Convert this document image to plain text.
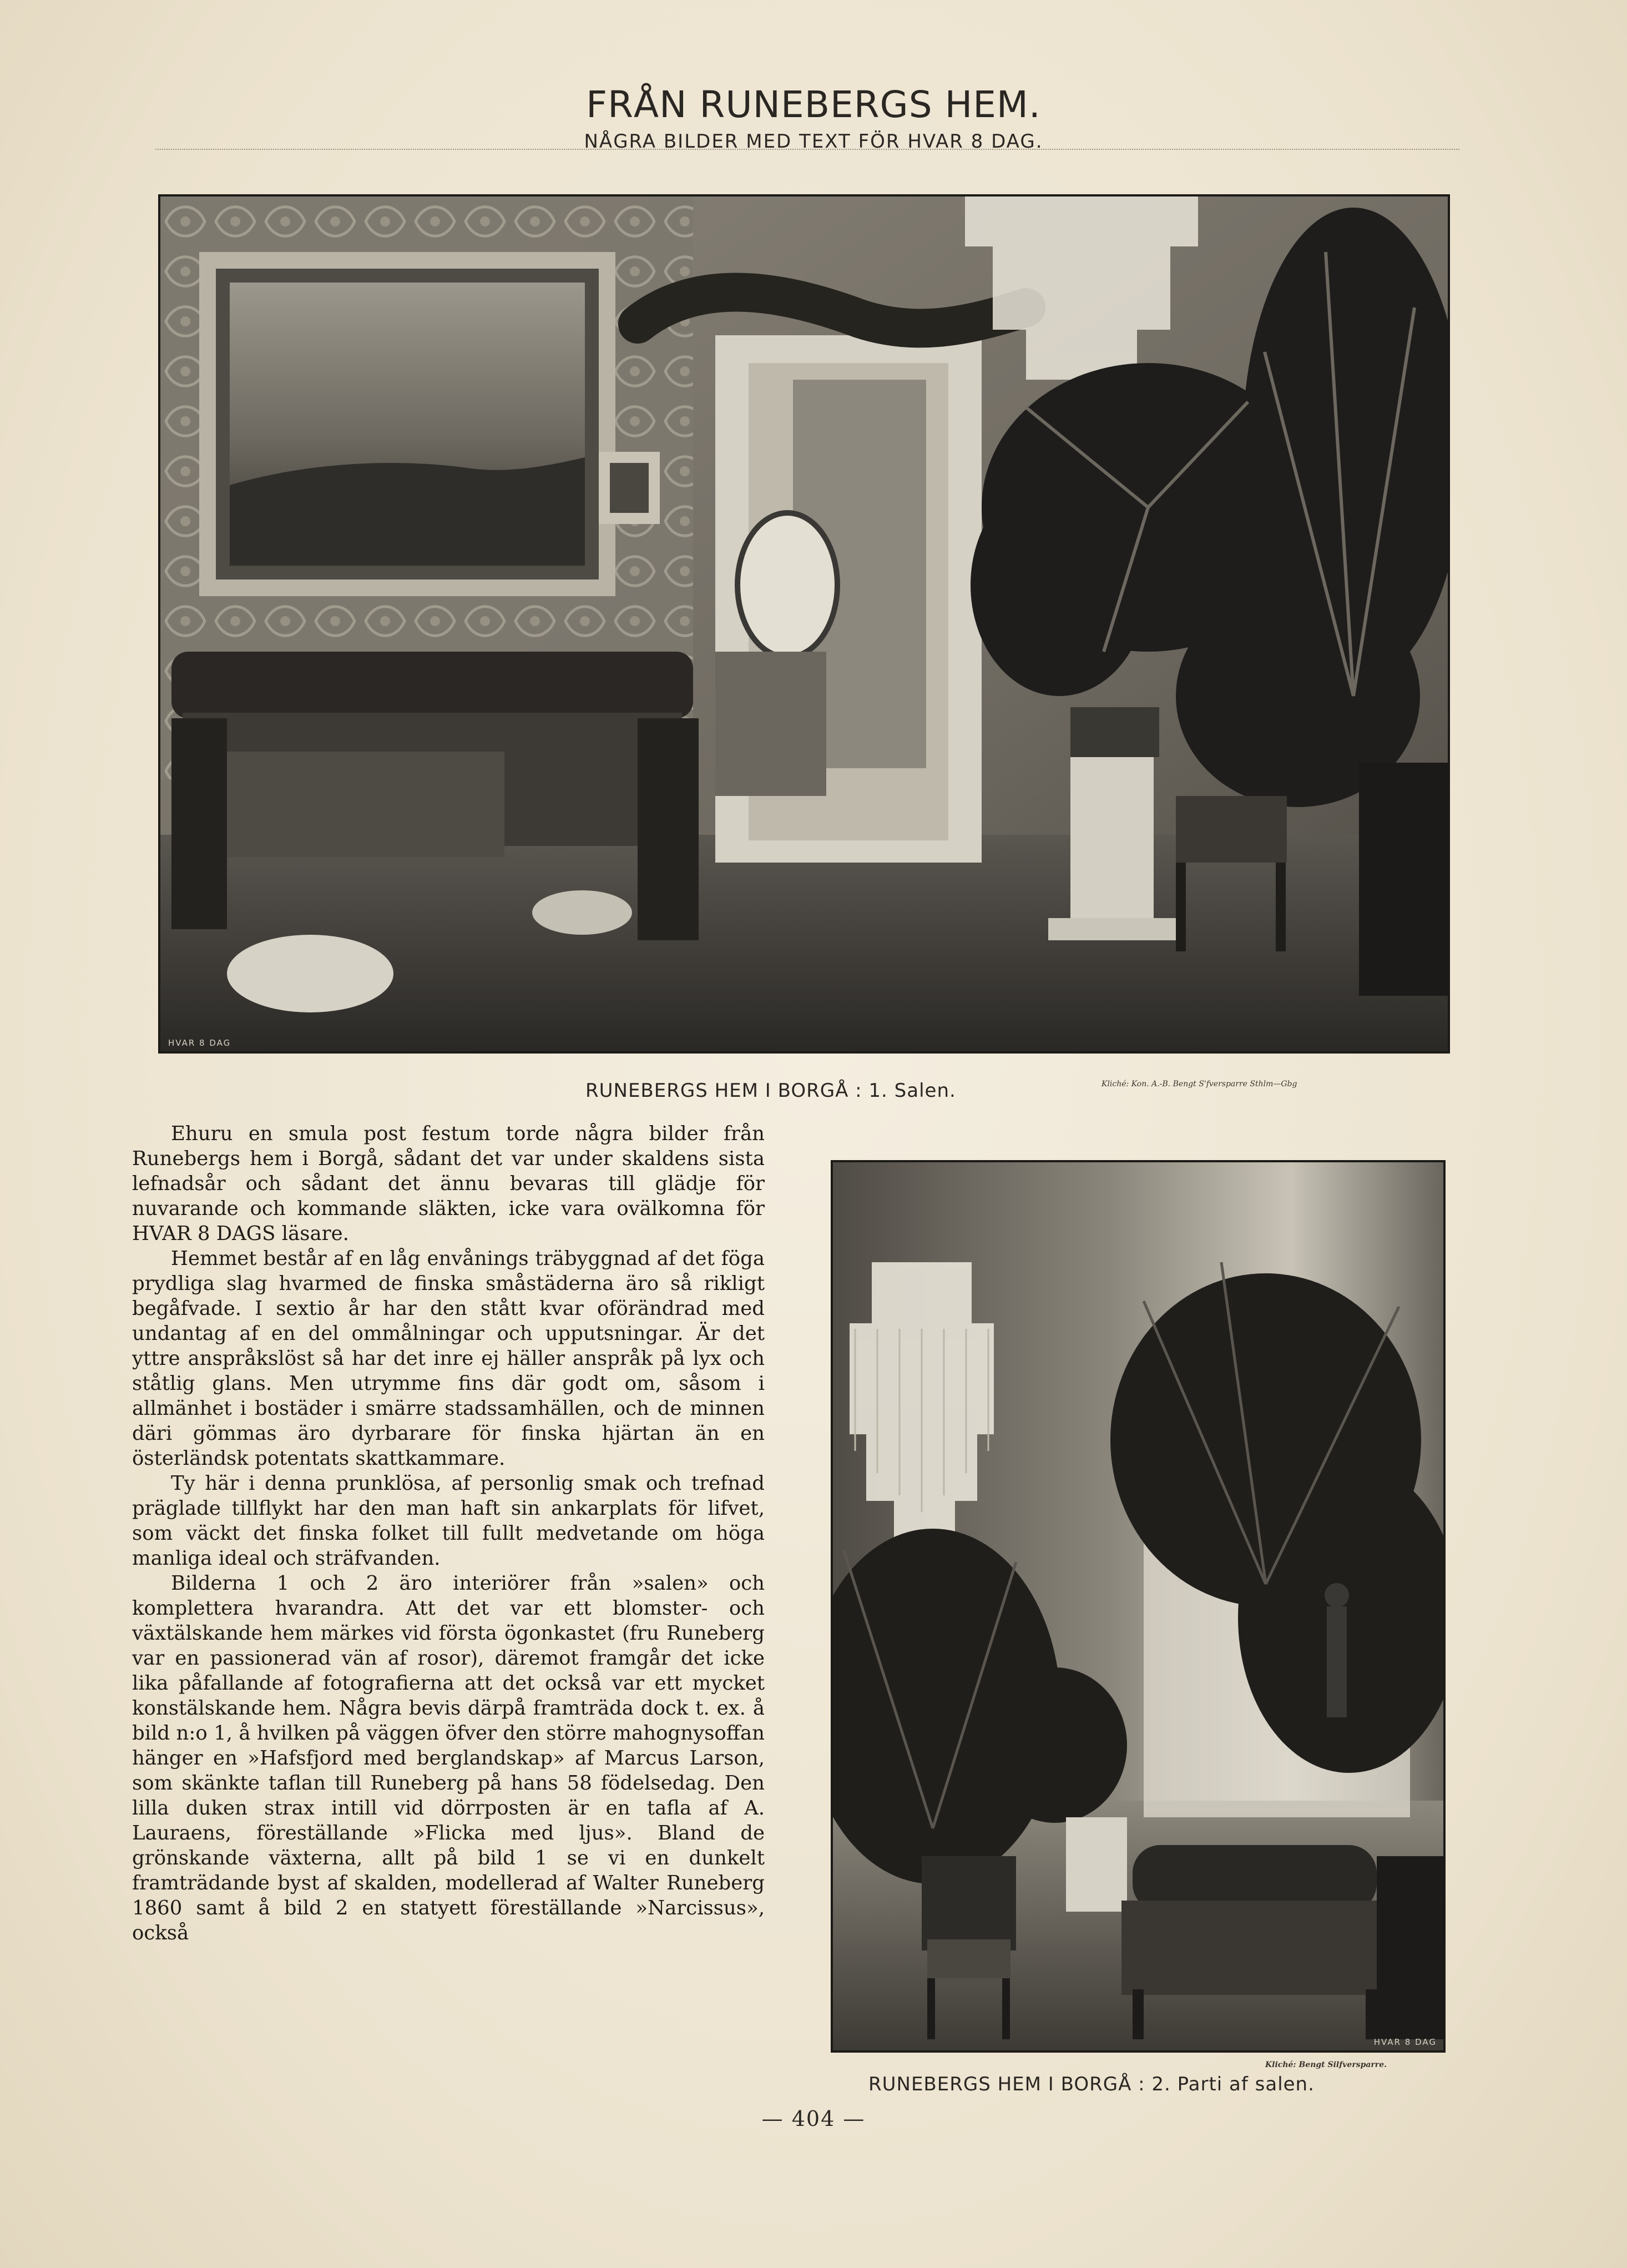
FRÅN RUNEBERGS HEM.
NÅGRA BILDER MED TEXT FÖR HVAR 8 DAG.
HVAR 8 DAG
RUNEBERGS HEM I BORGÅ : 1. Salen.	Kliché: Kon. A.-B. Bengt S'fversparre Sthlm—Gbg
HVAR 8 DAG
Kliché: Bengt Silfversparre.
RUNEBERGS HEM I BORGÅ : 2. Parti af salen.

Ehuru en smula post festum torde några bilder från Runebergs hem i Borgå, sådant det var under skaldens sista lefnadsår och sådant det ännu bevaras till glädje för nuvarande och kommande släkten, icke vara ovälkomna för HVAR 8 DAGS läsare.

Hemmet består af en låg envånings träbyggnad af det föga prydliga slag hvarmed de finska småstäderna äro så rikligt begåfvade. I sextio år har den stått kvar oförändrad med undantag af en del ommålningar och upputsningar. Är det yttre anspråkslöst så har det inre ej häller anspråk på lyx och ståtlig glans. Men utrymme fins där godt om, såsom i allmänhet i bostäder i smärre stadssamhällen, och de minnen däri gömmas äro dyrbarare för finska hjärtan än en österländsk potentats skattkammare.

Ty här i denna prunklösa, af personlig smak och trefnad präglade tillflykt har den man haft sin ankarplats för lifvet, som väckt det finska folket till fullt medvetande om höga manliga ideal och sträfvanden.

Bilderna 1 och 2 äro interiörer från »salen» och komplettera hvarandra. Att det var ett blomster- och växtälskande hem märkes vid första ögonkastet (fru Runeberg var en passionerad vän af rosor), däremot framgår det icke lika påfallande af fotografierna att det också var ett mycket konstälskande hem. Några bevis därpå framträda dock t. ex. å bild n:o 1, å hvilken på väggen öfver den större mahognysoffan hänger en »Hafsfjord med berglandskap» af Marcus Larson, som skänkte taflan till Runeberg på hans 58 födelsedag. Den lilla duken strax intill vid dörrposten är en tafla af A. Lauraens, föreställande »Flicka med ljus». Bland de grönskande växterna, allt på bild 1 se vi en dunkelt framträdande byst af skalden, modellerad af Walter Runeberg 1860 samt å bild 2 en statyett föreställande »Narcissus», också

— 404 —
